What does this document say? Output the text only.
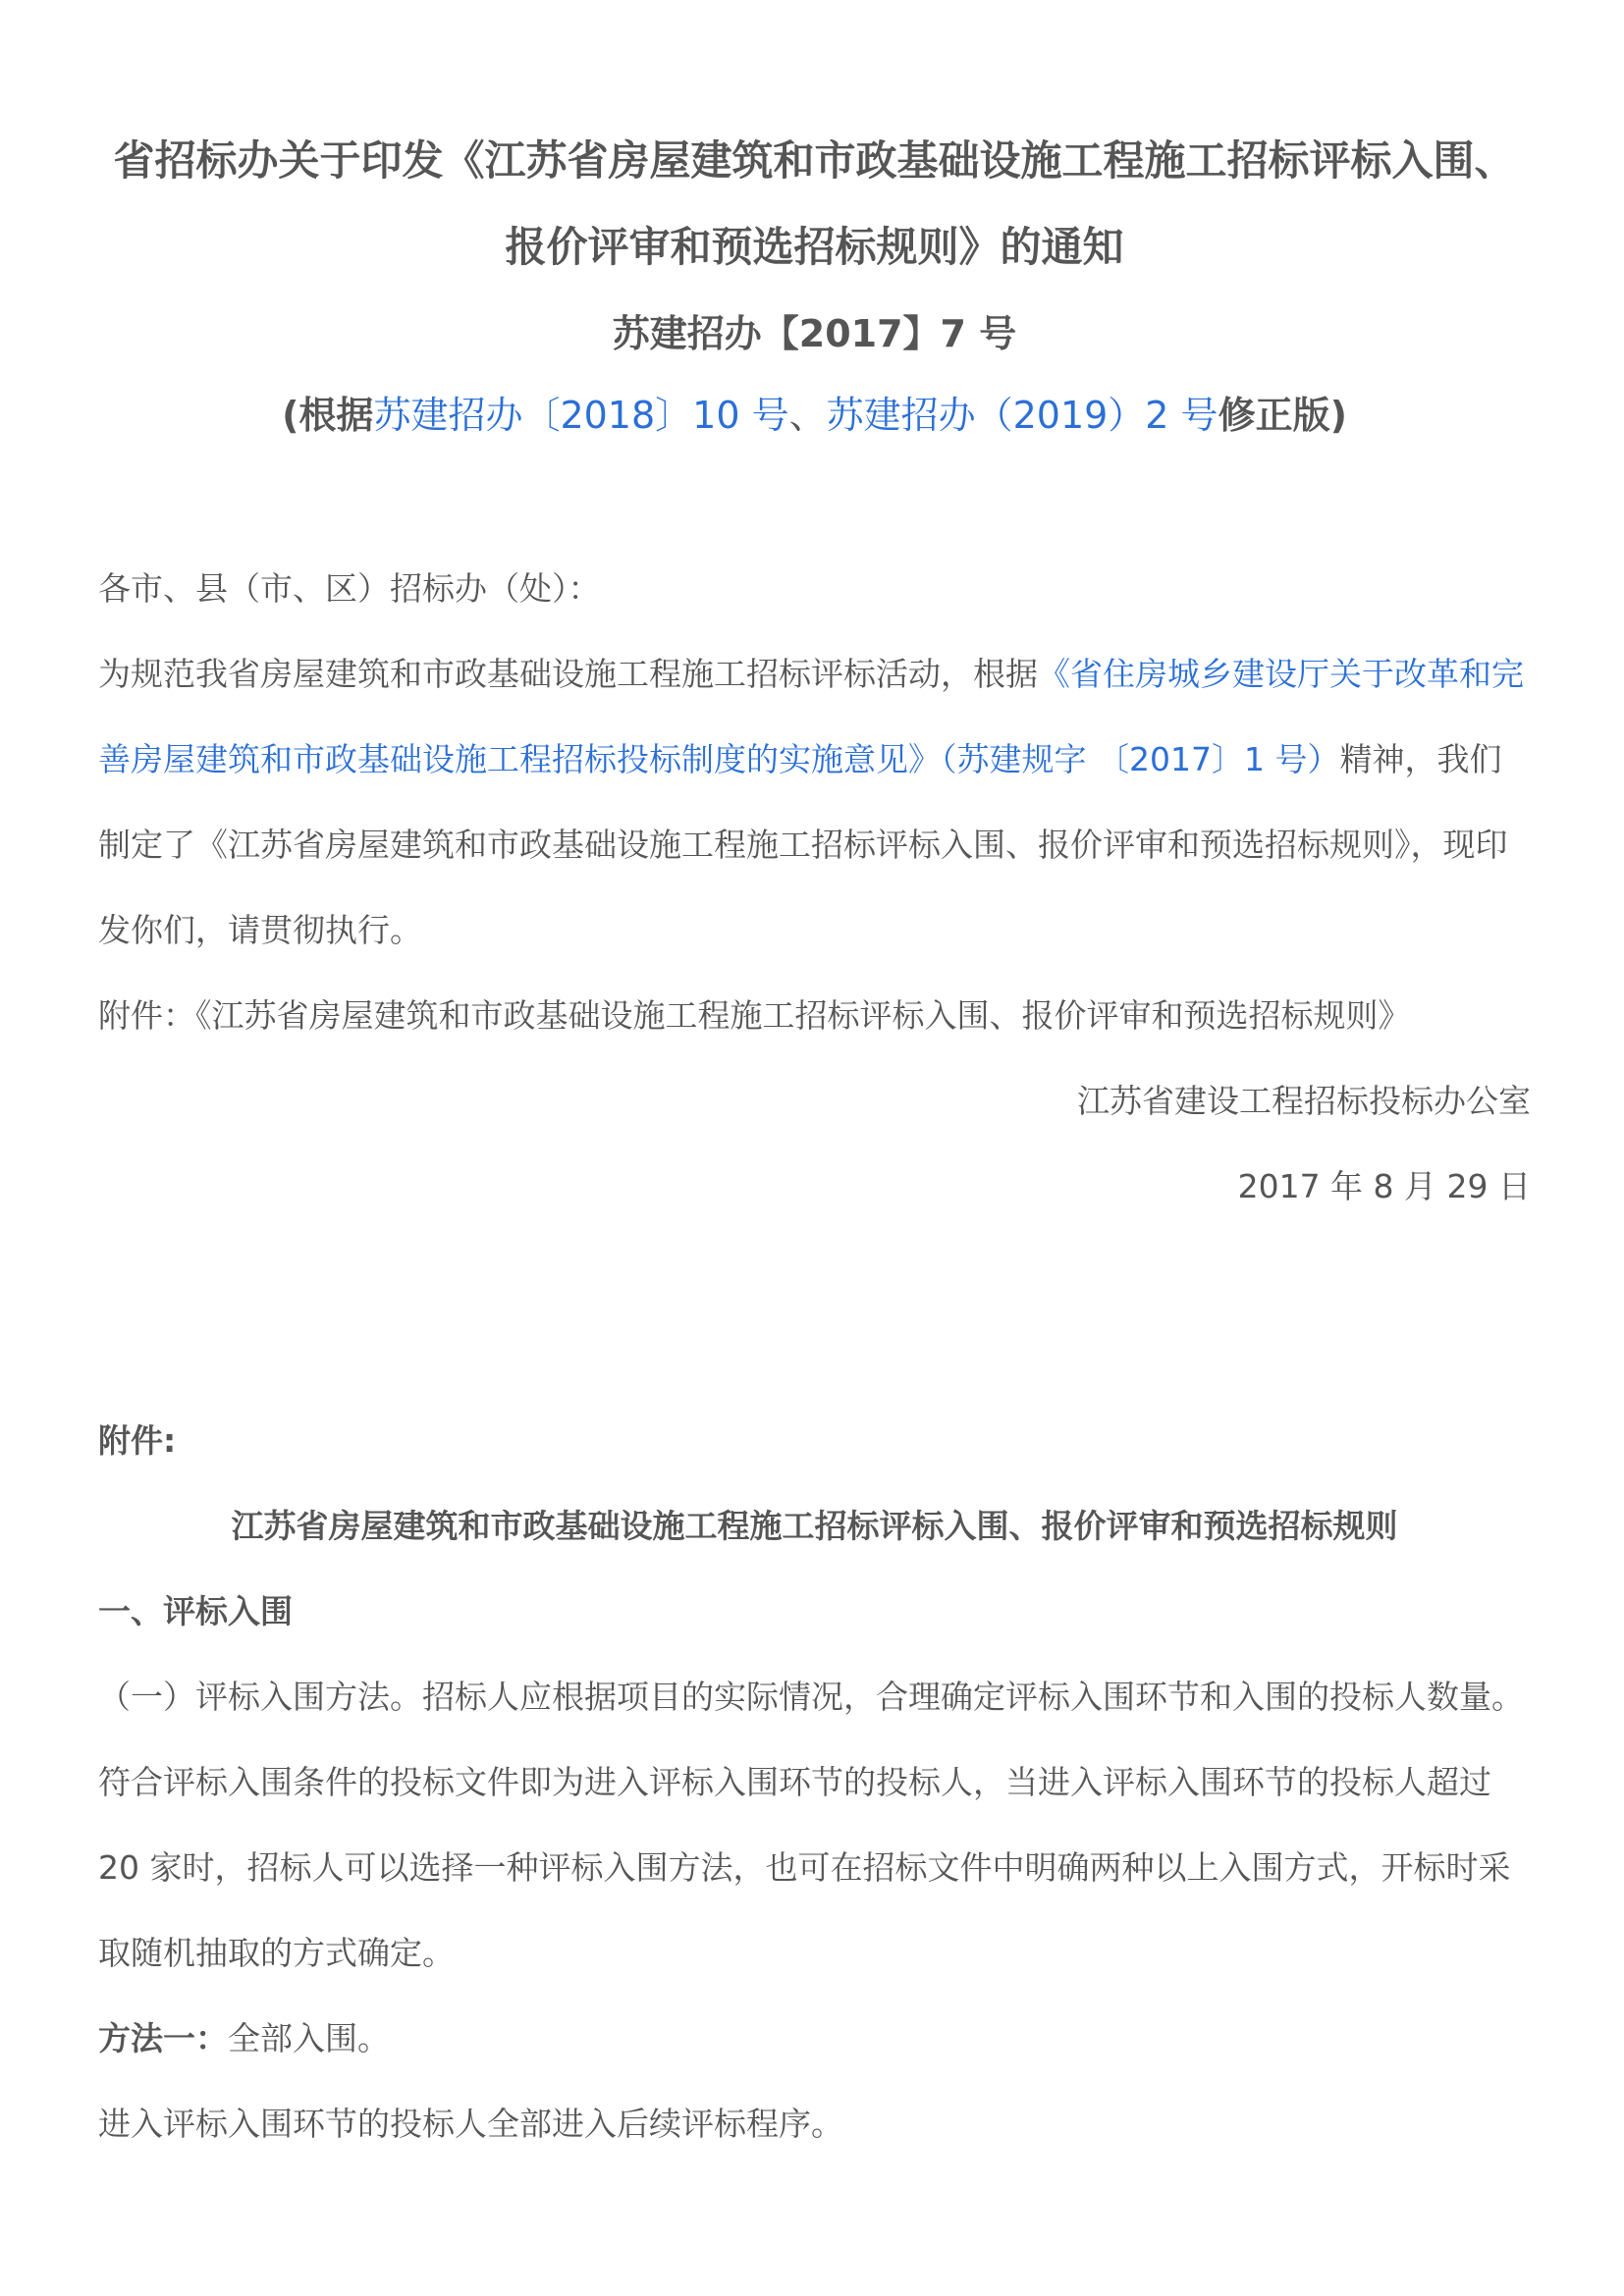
省招标办关于印发《江苏省房屋建筑和市政基础设施工程施工招标评标入围、报价评审和预选招标规则》的通知
苏建招办【2017】7 号
(根据苏建招办〔2018〕10 号、苏建招办（2019）2 号修正版)

各市、县（市、区）招标办（处）：

为规范我省房屋建筑和市政基础设施工程施工招标评标活动，根据《省住房城乡建设厅关于改革和完善房屋建筑和市政基础设施工程招标投标制度的实施意见》（苏建规字 〔2017〕1 号）精神，我们制定了《江苏省房屋建筑和市政基础设施工程施工招标评标入围、报价评审和预选招标规则》，现印发你们，请贯彻执行。

附件：《江苏省房屋建筑和市政基础设施工程施工招标评标入围、报价评审和预选招标规则》

江苏省建设工程招标投标办公室

2017 年 8 月 29 日

附件:
江苏省房屋建筑和市政基础设施工程施工招标评标入围、报价评审和预选招标规则
一、评标入围

（一）评标入围方法。招标人应根据项目的实际情况，合理确定评标入围环节和入围的投标人数量。符合评标入围条件的投标文件即为进入评标入围环节的投标人，当进入评标入围环节的投标人超过 20 家时，招标人可以选择一种评标入围方法，也可在招标文件中明确两种以上入围方式，开标时采取随机抽取的方式确定。

方法一：全部入围。

进入评标入围环节的投标人全部进入后续评标程序。
